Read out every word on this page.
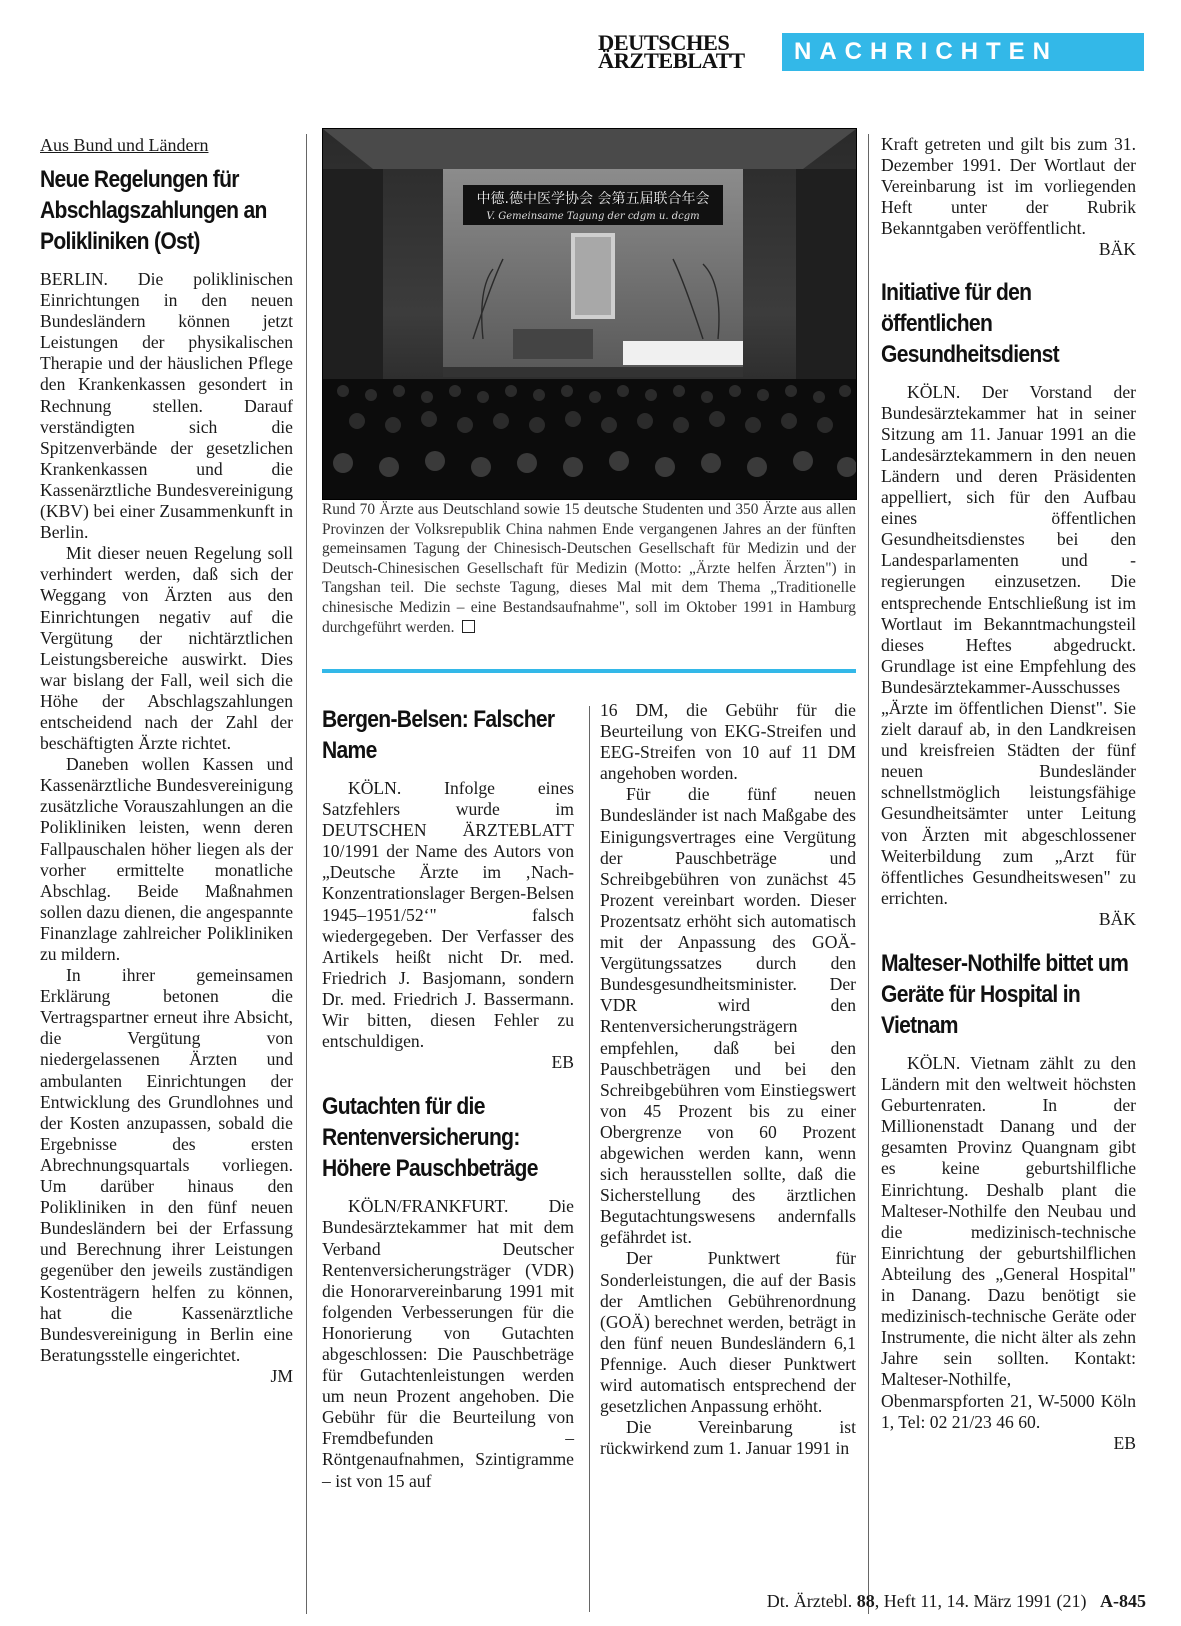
DEUTSCHES
ÄRZTEBLATT	NACHRICHTEN

Aus Bund und Ländern

Neue Regelungen für Abschlagszahlungen an Polikliniken (Ost)

BERLIN. Die poliklinischen Einrichtungen in den neuen Bundesländern können jetzt Leistungen der physikalischen Therapie und der häuslichen Pflege den Krankenkassen gesondert in Rechnung stellen. Darauf verständigten sich die Spitzenverbände der gesetzlichen Krankenkassen und die Kassenärztliche Bundesvereinigung (KBV) bei einer Zusammenkunft in Berlin.

Mit dieser neuen Regelung soll verhindert werden, daß sich der Weggang von Ärzten aus den Einrichtungen negativ auf die Vergütung der nichtärztlichen Leistungsbereiche auswirkt. Dies war bislang der Fall, weil sich die Höhe der Abschlagszahlungen entscheidend nach der Zahl der beschäftigten Ärzte richtet.

Daneben wollen Kassen und Kassenärztliche Bundesvereinigung zusätzliche Vorauszahlungen an die Polikliniken leisten, wenn deren Fallpauschalen höher liegen als der vorher ermittelte monatliche Abschlag. Beide Maßnahmen sollen dazu dienen, die angespannte Finanzlage zahlreicher Polikliniken zu mildern.

In ihrer gemeinsamen Erklärung betonen die Vertragspartner erneut ihre Absicht, die Vergütung von niedergelassenen Ärzten und ambulanten Einrichtungen der Entwicklung des Grundlohnes und der Kosten anzupassen, sobald die Ergebnisse des ersten Abrechnungsquartals vorliegen. Um darüber hinaus den Polikliniken in den fünf neuen Bundesländern bei der Erfassung und Berechnung ihrer Leistungen gegenüber den jeweils zuständigen Kostenträgern helfen zu können, hat die Kassenärztliche Bundesvereinigung in Berlin eine Beratungsstelle eingerichtet.

JM

中德.德中医学协会 会第五届联合年会
V. Gemeinsame Tagung der cdgm u. dcgm
Rund 70 Ärzte aus Deutschland sowie 15 deutsche Studenten und 350 Ärzte aus allen Provinzen der Volksrepublik China nahmen Ende vergangenen Jahres an der fünften gemeinsamen Tagung der Chinesisch-Deutschen Gesellschaft für Medizin und der Deutsch-Chinesischen Gesellschaft für Medizin (Motto: „Ärzte helfen Ärzten") in Tangshan teil. Die sechste Tagung, dieses Mal mit dem Thema „Traditionelle chinesische Medizin – eine Bestandsaufnahme", soll im Oktober 1991 in Hamburg durchgeführt werden.

Bergen-Belsen: Falscher Name

KÖLN. Infolge eines Satzfehlers wurde im DEUTSCHEN ÄRZTEBLATT 10/1991 der Name des Autors von „Deutsche Ärzte im ‚Nach-Konzentrationslager Bergen-Belsen 1945–1951/52‘" falsch wiedergegeben. Der Verfasser des Artikels heißt nicht Dr. med. Friedrich J. Basjomann, sondern Dr. med. Friedrich J. Bassermann. Wir bitten, diesen Fehler zu entschuldigen.

EB

Gutachten für die Rentenversicherung: Höhere Pauschbeträge

KÖLN/FRANKFURT. Die Bundesärztekammer hat mit dem Verband Deutscher Rentenversicherungsträger (VDR) die Honorarvereinbarung 1991 mit folgenden Verbesserungen für die Honorierung von Gutachten abgeschlossen: Die Pauschbeträge für Gutachtenleistungen werden um neun Prozent angehoben. Die Gebühr für die Beurteilung von Fremdbefunden – Röntgenaufnahmen, Szintigramme – ist von 15 auf

16 DM, die Gebühr für die Beurteilung von EKG-Streifen und EEG-Streifen von 10 auf 11 DM angehoben worden.

Für die fünf neuen Bundesländer ist nach Maßgabe des Einigungsvertrages eine Vergütung der Pauschbeträge und Schreibgebühren von zunächst 45 Prozent vereinbart worden. Dieser Prozentsatz erhöht sich automatisch mit der Anpassung des GOÄ-Vergütungssatzes durch den Bundesgesundheitsminister. Der VDR wird den Rentenversicherungsträgern empfehlen, daß bei den Pauschbeträgen und bei den Schreibgebühren vom Einstiegswert von 45 Prozent bis zu einer Obergrenze von 60 Prozent abgewichen werden kann, wenn sich herausstellen sollte, daß die Sicherstellung des ärztlichen Begutachtungswesens andernfalls gefährdet ist.

Der Punktwert für Sonderleistungen, die auf der Basis der Amtlichen Gebührenordnung (GOÄ) berechnet werden, beträgt in den fünf neuen Bundesländern 6,1 Pfennige. Auch dieser Punktwert wird automatisch entsprechend der gesetzlichen Anpassung erhöht.

Die Vereinbarung ist rückwirkend zum 1. Januar 1991 in

Kraft getreten und gilt bis zum 31. Dezember 1991. Der Wortlaut der Vereinbarung ist im vorliegenden Heft unter der Rubrik Bekanntgaben veröffentlicht.

BÄK

Initiative für den öffentlichen Gesundheitsdienst

KÖLN. Der Vorstand der Bundesärztekammer hat in seiner Sitzung am 11. Januar 1991 an die Landesärztekammern in den neuen Ländern und deren Präsidenten appelliert, sich für den Aufbau eines öffentlichen Gesundheitsdienstes bei den Landesparlamenten und -regierungen einzusetzen. Die entsprechende Entschließung ist im Wortlaut im Bekanntmachungsteil dieses Heftes abgedruckt. Grundlage ist eine Empfehlung des Bundesärztekammer-Ausschusses „Ärzte im öffentlichen Dienst". Sie zielt darauf ab, in den Landkreisen und kreisfreien Städten der fünf neuen Bundesländer schnellstmöglich leistungsfähige Gesundheitsämter unter Leitung von Ärzten mit abgeschlossener Weiterbildung zum „Arzt für öffentliches Gesundheitswesen" zu errichten.

BÄK

Malteser-Nothilfe bittet um Geräte für Hospital in Vietnam

KÖLN. Vietnam zählt zu den Ländern mit den weltweit höchsten Geburtenraten. In der Millionenstadt Danang und der gesamten Provinz Quangnam gibt es keine geburtshilfliche Einrichtung. Deshalb plant die Malteser-Nothilfe den Neubau und die medizinisch-technische Einrichtung der geburtshilflichen Abteilung des „General Hospital" in Danang. Dazu benötigt sie medizinisch-technische Geräte oder Instrumente, die nicht älter als zehn Jahre sein sollten. Kontakt: Malteser-Nothilfe, Obenmarspforten 21, W-5000 Köln 1, Tel: 02 21/23 46 60.

EB

Dt. Ärztebl. 88, Heft 11, 14. März 1991 (21) A-845
